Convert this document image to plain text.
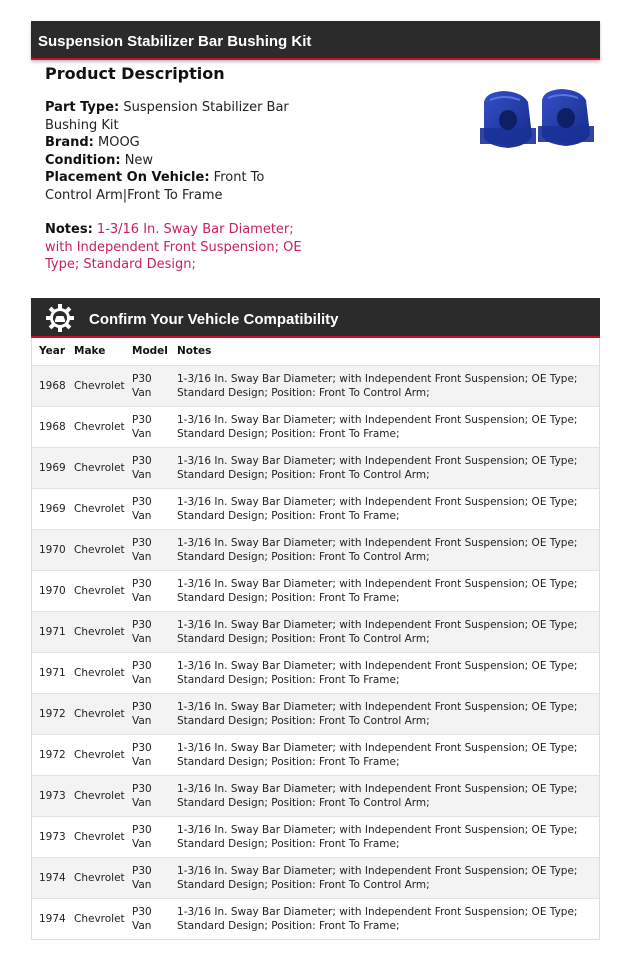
Suspension Stabilizer Bar Bushing Kit
Product Description
Part Type: Suspension Stabilizer Bar Bushing Kit
Brand: MOOG
Condition: New
Placement On Vehicle: Front To Control Arm|Front To Frame
Notes: 1-3/16 In. Sway Bar Diameter; with Independent Front Suspension; OE Type; Standard Design;
Confirm Your Vehicle Compatibility
Year	Make	Model	Notes
1968	Chevrolet	P30 Van	1-3/16 In. Sway Bar Diameter; with Independent Front Suspension; OE Type; Standard Design; Position: Front To Control Arm;
1968	Chevrolet	P30 Van	1-3/16 In. Sway Bar Diameter; with Independent Front Suspension; OE Type; Standard Design; Position: Front To Frame;
1969	Chevrolet	P30 Van	1-3/16 In. Sway Bar Diameter; with Independent Front Suspension; OE Type; Standard Design; Position: Front To Control Arm;
1969	Chevrolet	P30 Van	1-3/16 In. Sway Bar Diameter; with Independent Front Suspension; OE Type; Standard Design; Position: Front To Frame;
1970	Chevrolet	P30 Van	1-3/16 In. Sway Bar Diameter; with Independent Front Suspension; OE Type; Standard Design; Position: Front To Control Arm;
1970	Chevrolet	P30 Van	1-3/16 In. Sway Bar Diameter; with Independent Front Suspension; OE Type; Standard Design; Position: Front To Frame;
1971	Chevrolet	P30 Van	1-3/16 In. Sway Bar Diameter; with Independent Front Suspension; OE Type; Standard Design; Position: Front To Control Arm;
1971	Chevrolet	P30 Van	1-3/16 In. Sway Bar Diameter; with Independent Front Suspension; OE Type; Standard Design; Position: Front To Frame;
1972	Chevrolet	P30 Van	1-3/16 In. Sway Bar Diameter; with Independent Front Suspension; OE Type; Standard Design; Position: Front To Control Arm;
1972	Chevrolet	P30 Van	1-3/16 In. Sway Bar Diameter; with Independent Front Suspension; OE Type; Standard Design; Position: Front To Frame;
1973	Chevrolet	P30 Van	1-3/16 In. Sway Bar Diameter; with Independent Front Suspension; OE Type; Standard Design; Position: Front To Control Arm;
1973	Chevrolet	P30 Van	1-3/16 In. Sway Bar Diameter; with Independent Front Suspension; OE Type; Standard Design; Position: Front To Frame;
1974	Chevrolet	P30 Van	1-3/16 In. Sway Bar Diameter; with Independent Front Suspension; OE Type; Standard Design; Position: Front To Control Arm;
1974	Chevrolet	P30 Van	1-3/16 In. Sway Bar Diameter; with Independent Front Suspension; OE Type; Standard Design; Position: Front To Frame;
